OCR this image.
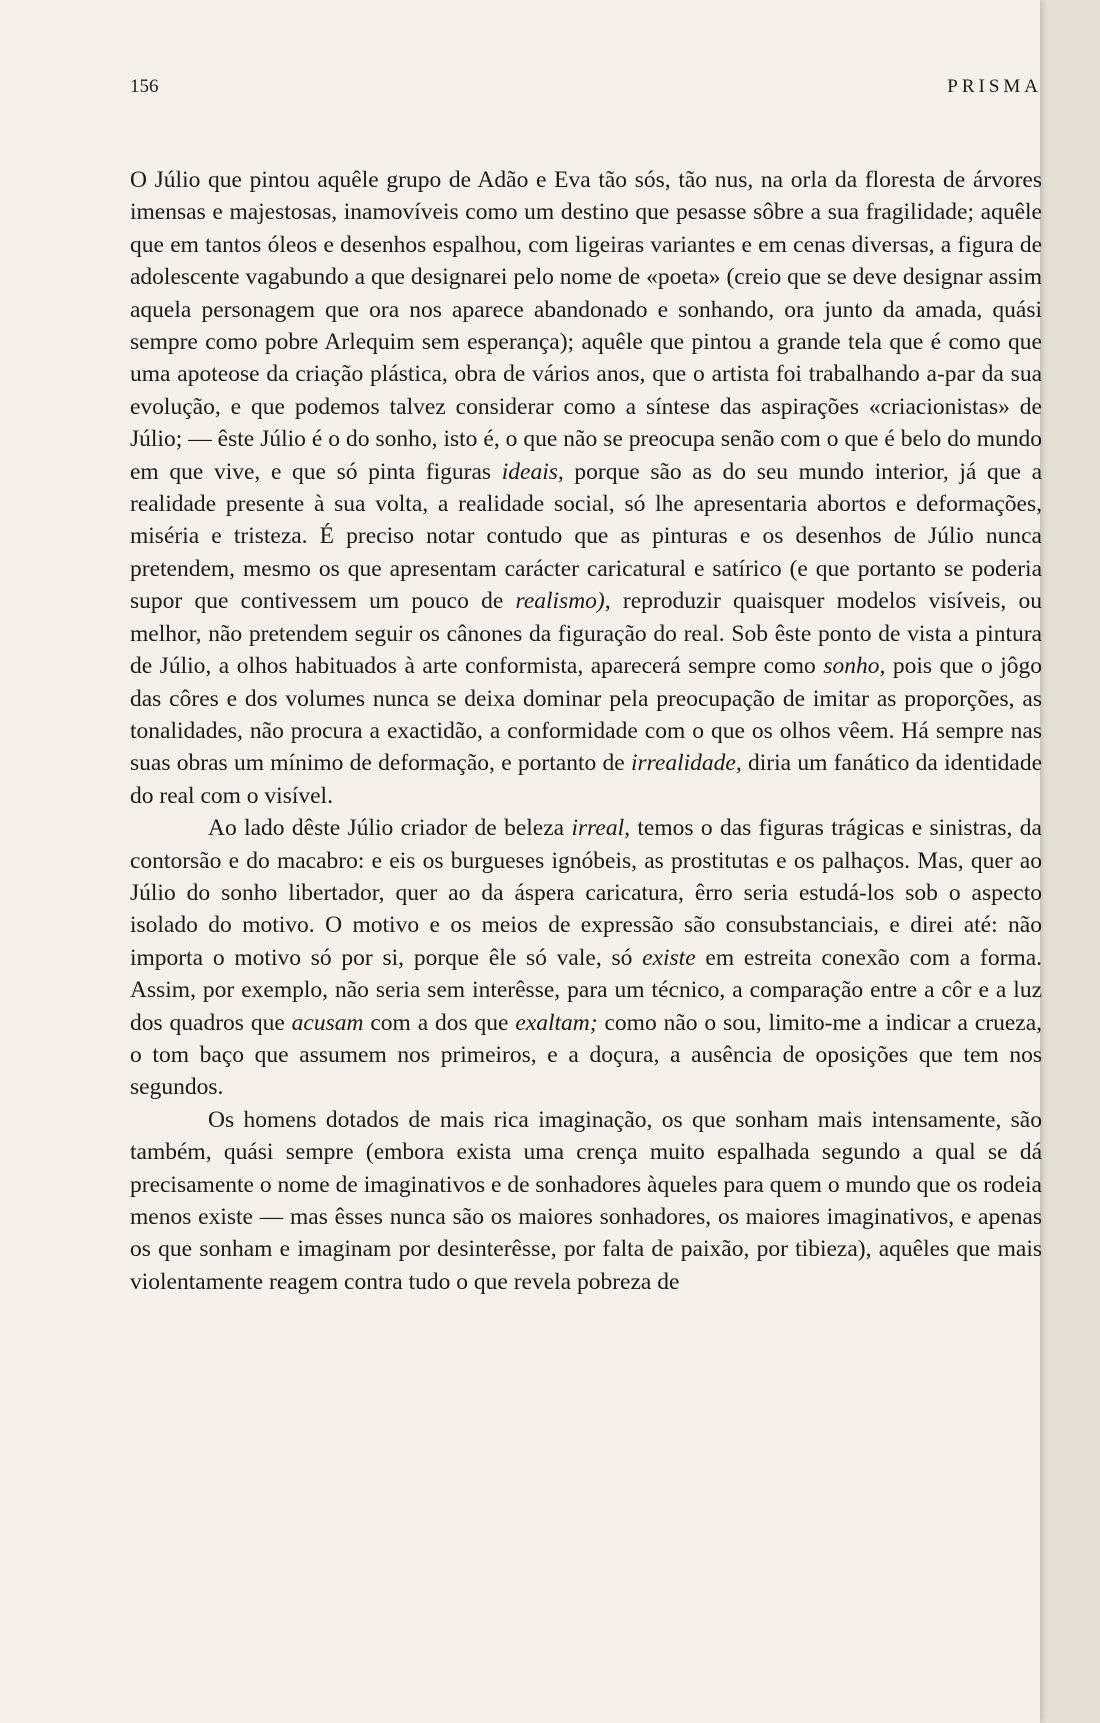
156	PRISMA

O Júlio que pintou aquêle grupo de Adão e Eva tão sós, tão nus, na orla da floresta de árvores imensas e majestosas, inamovíveis como um destino que pesasse sôbre a sua fragilidade; aquêle que em tantos óleos e desenhos espalhou, com ligeiras variantes e em cenas diversas, a figura de adolescente vagabundo a que designarei pelo nome de «poeta» (creio que se deve designar assim aquela personagem que ora nos aparece abandonado e sonhando, ora junto da amada, quási sempre como pobre Arlequim sem esperança); aquêle que pintou a grande tela que é como que uma apoteose da criação plástica, obra de vários anos, que o artista foi trabalhando a-par da sua evolução, e que podemos talvez considerar como a síntese das aspirações «criacionistas» de Júlio; — êste Júlio é o do sonho, isto é, o que não se preocupa senão com o que é belo do mundo em que vive, e que só pinta figuras ideais, porque são as do seu mundo interior, já que a realidade presente à sua volta, a realidade social, só lhe apresentaria abortos e deformações, miséria e tristeza. É preciso notar contudo que as pinturas e os desenhos de Júlio nunca pretendem, mesmo os que apresentam carácter caricatural e satírico (e que portanto se poderia supor que contivessem um pouco de realismo), reproduzir quaisquer modelos visíveis, ou melhor, não pretendem seguir os cânones da figuração do real. Sob êste ponto de vista a pintura de Júlio, a olhos habituados à arte conformista, aparecerá sempre como sonho, pois que o jôgo das côres e dos volumes nunca se deixa dominar pela preocupação de imitar as proporções, as tonalidades, não procura a exactidão, a conformidade com o que os olhos vêem. Há sempre nas suas obras um mínimo de deformação, e portanto de irrealidade, diria um fanático da identidade do real com o visível.

Ao lado dêste Júlio criador de beleza irreal, temos o das figuras trágicas e sinistras, da contorsão e do macabro: e eis os burgueses ignóbeis, as prostitutas e os palhaços. Mas, quer ao Júlio do sonho libertador, quer ao da áspera caricatura, êrro seria estudá-los sob o aspecto isolado do motivo. O motivo e os meios de expressão são consubstanciais, e direi até: não importa o motivo só por si, porque êle só vale, só existe em estreita conexão com a forma. Assim, por exemplo, não seria sem interêsse, para um técnico, a comparação entre a côr e a luz dos quadros que acusam com a dos que exaltam; como não o sou, limito-me a indicar a crueza, o tom baço que assumem nos primeiros, e a doçura, a ausência de oposições que tem nos segundos.

Os homens dotados de mais rica imaginação, os que sonham mais intensamente, são também, quási sempre (embora exista uma crença muito espalhada segundo a qual se dá precisamente o nome de imaginativos e de sonhadores àqueles para quem o mundo que os rodeia menos existe — mas êsses nunca são os maiores sonhadores, os maiores imaginativos, e apenas os que sonham e imaginam por desinterêsse, por falta de paixão, por tibieza), aquêles que mais violentamente reagem contra tudo o que revela pobreza de
